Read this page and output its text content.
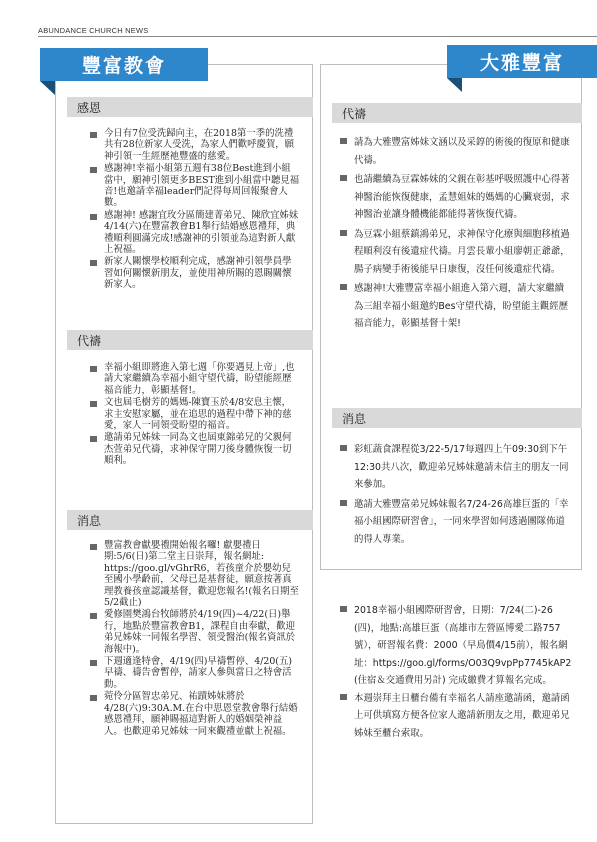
ABUNDANCE CHURCH NEWS
豐富教會
感恩
今日有7位受洗歸向主，在2018第一季的洗禮共有28位新家人受洗，為家人們歡呼慶賀，願神引領一生經歷祂豐盛的慈愛。
感謝神!幸福小組第五週有38位Best進到小組當中，願神引領更多BEST進到小組當中聽見福音!也邀請幸福leader們記得每周回報聚會人數。
感謝神! 感謝宜玫分區簡建菁弟兄、陳欣宜姊妹4/14(六)在豐富教會B1舉行結婚感恩禮拜，典禮順利圓滿完成!感謝神的引領並為這對新人獻上祝福。
新家人關懷學校順利完成，感謝神引領學員學習如何關懷新朋友，並使用神所賜的恩賜關懷新家人。
代禱
幸福小組即將進入第七週「你要遇見上帝」,也請大家繼續為幸福小組守望代禱，盼望能經歷福音能力，彰顯基督!。
文也屆毛樹芳的媽媽-陳寶玉於4/8安息主懷，求主安慰家屬，並在追思的過程中帶下神的慈愛，家人一同領受盼望的福音。
邀請弟兄姊妹一同為文也屆東錦弟兄的父親何杰萱弟兄代禱，求神保守開刀後身體恢復一切順利。
消息
豐富教會獻嬰禮開始報名囉! 獻嬰禮日期:5/6(日)第二堂主日崇拜，報名網址: https://goo.gl/vGhrR6，若孩童介於嬰幼兒至國小學齡前，父母已是基督徒，願意按著真理教養孩童認識基督，歡迎您報名!(報名日期至5/2截止)
愛修園樊鴻台牧師將於4/19(四)~4/22(日)舉行，地點於豐富教會B1，課程自由奉獻，歡迎弟兄姊妹一同報名學習、領受醫治(報名資訊於海報中)。
下週適逢特會，4/19(四)早禱暫停、4/20(五)早禱、禱告會暫停，請家人參與當日之特會活動。
菀伶分區智忠弟兄、祐蹟姊妹將於4/28(六)9:30A.M.在台中思恩堂教會舉行結婚感恩禮拜，願神賜福這對新人的婚姻榮神益人。也歡迎弟兄姊妹一同來觀禮並獻上祝福。
大雅豐富
代禱
請為大雅豐富姊妹文涵以及采錞的術後的復原和健康代禱。
也請繼續為豆霖姊妹的父親在彰基呼吸照護中心得著神醫治能恢復健康，孟慧姐妹的媽媽的心臟衰弱，求神醫治並讓身體機能都能得著恢復代禱。
為豆霖小組蔡鎮鴻弟兄，求神保守化療與細胞移植過程順利沒有後遺症代禱。月雲長輩小組廖朝正爺爺，腸子病變手術後能早日康復，沒任何後遺症代禱。
感謝神!大雅豐富幸福小組進入第六週，請大家繼續為三組幸福小組邀約Bes守望代禱，盼望能主觀經歷福音能力，彰顯基督十架!
消息
彩虹蔬食課程從3/22-5/17每週四上午09:30到下午12:30共八次，歡迎弟兄姊妹邀請未信主的朋友一同來參加。
邀請大雅豐富弟兄姊妹報名7/24-26高雄巨蛋的「幸福小組國際研習會」，一同來學習如何透過團隊佈道的得人專業。
2018幸福小組國際研習會，日期：7/24(二)-26(四)，地點:高雄巨蛋（高雄市左營區博愛二路757號），研習報名費：2000（早鳥價4/15前），報名網址：https://goo.gl/forms/O03Q9vpPp7745kAP2 (住宿＆交通費用另計) 完成繳費才算報名完成。
本週崇拜主日櫃台備有幸福名人請座邀請函，邀請函上可供填寫方便各位家人邀請新朋友之用，歡迎弟兄姊妹至櫃台索取。
